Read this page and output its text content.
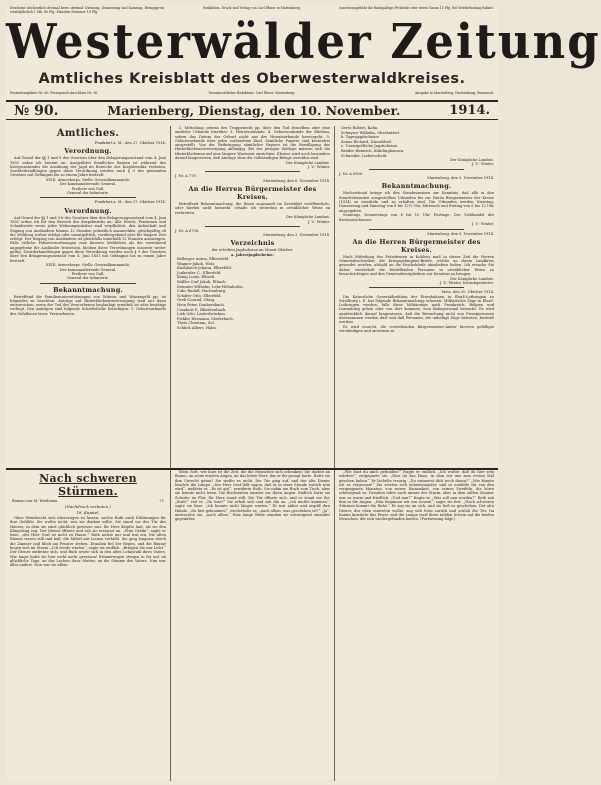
Erscheint wöchentlich dreimal bezw. dreimal: Dienstag, Donnerstag und Samstag. Bezugspreis vierteljährlich 1 Mk. 80 Pfg. Einzelne Nummer 10 Pfg.
Redaktion, Druck und Verlag von Carl Ebner in Marienberg.	Insertionsgebühr die fünfspaltige Petitzeile oder deren Raum 15 Pfg. Bei Wiederholung Rabatt.
Westerwälder Zeitung
Amtliches Kreisblatt des Oberwesterwaldkreises.
Postzeitungsliste Nr. 60. Fernsprech-Anschluss Nr. 16.	Verantwortlicher Redakteur: Carl Ebner, Marienberg.	Ausgabe in Marienberg, Hachenburg, Rennerod.
№ 90.	Marienberg, Dienstag, den 10. November.	1914.
Amtliches.
Frankfurt a. M., den 27. Oktober 1914.
Verordnung.

Auf Grund der §§ 1 und 9 des Gesetzes über den Belagerungszustand vom 4. Juni 1851 ordne ich hiermit an: Ausgeübtes feindliches Bauten ist während des Kriegszustandes die Ausübung der Jagd im Bereiche des Korpsbezirks verboten. Zuwiderhandlungen gegen diese Verordnung werden nach § 9 des genannten Gesetzes mit Gefängnis bis zu einem Jahre bestraft.

XVIII. Armeekorps. Stellv. Generalkommando.
Der kommandierende General.
Freiherr von Gall,
General der Infanterie.
Frankfurt a. M., den 27. Oktober 1914.
Verordnung.

Auf Grund der §§ 1 und 9 b des Gesetzes über den Belagerungszustand vom 4. Juni 1851 ordne ich für den Bereich des Korpsbezirks an: Alle Hotels, Pensionen und Schankwirte sowie jeder Wohnungsinhaber sind verpflichtet, den Aufenthalt und Zugang von Ausländern binnen 12 Stunden polizeilich anzumelden, gleichgültig ob die Meldung vorher erfolgt oder unentgeltlich, vorübergehend oder für längere Zeit erfolgt. Der Wegzug von Ausländern ist gleichfalls innerhalb 12 Stunden anzuzeigen. Falls örtliche Polizeiverordnungen eine kürzere Meldefrist als die vorstehend angegebene für Ausländer festsetzen, bleiben diese Verordnungen insoweit weiter gültig. Zuwiderhandlungen gegen diese Verordnung werden nach § 9 des Gesetzes über den Belagerungszustand vom 4. Juni 1851 mit Gefängnis bis zu einem Jahre bestraft.

XVIII. Armeekorps. Stellv. Generalkommando.
Der kommandierende General.
Freiherr von Gall,
General der Infanterie.
Bekanntmachung.

Betreffend die Familienunterstützungen von Witwen und Waisengeld pp. ist folgendes zu beachten: Anträge auf Hinterbliebenenversorgung sind nur dann einzureichen, wenn der Tod des Verstorbenen beglaubigt ermittelt ist oder bestätigt vorliegt. Den Anträgen sind folgende Schriftstücke beizufügen: 1. Geburtsurkunde des Gefallenen bezw. Verstorbenen.

2. Mitteilung seitens des Truppenteils pp. über den Tod desselben oder eine amtliche Urkunde hierüber. 3. Heiratsurkunde. 4. Geburtsurkunde der Ehefrau, sofern das Datum der Geburt nicht aus der Heiratsurkunde hervorgeht. 5. Geburtsurkunde über jedes vorhandene Kind. Sämtliche Papiere sind kostenfrei ausgestellt. Von der Beibringung sämtlicher Papiere ist die Bewilligung der Hinterbliebenenversorgung abhängig. Bei der jetzigen Zeitlage müssen sich die Hinterbliebenen auf eine längere Wartezeit einrichten. Ebenso wird noch besonders darauf hingewiesen, daß Anträge ohne die vollständigen Belege zwecklos sind.

Der Königliche Landrat.
J. V.: Winter.
J. Nr. A 779.
Marienberg, den 6. November 1914.
An die Herren Bürgermeister des Kreises.

Betreffend Bekanntmachung, die Ihnen zugesandt im Kreisblatt veröffentlicht, oder hierbei nicht bemerkt, erhalte ich weiterhin in ortsüblicher Weise zu verbreiten.

Der Königliche Landrat.
J. V.: Winter.
J. Nr. A 6708.
Marienberg, den 2. November 1914.
Verzeichnis
der erteilten Jagdscheine im Monat Oktober.
a. Jahresjagdscheine.
Bellerger Anton, Elbersfeld.
Wagner Jakob, Wolz.
Knoblauch Johann, Elberfeld.
Jonkerder C., Elberfeld.
König Louis, Elbach.
Müller Carl Jakob, Elbach.
Demmer Wilhelm, Lehr-Höhnhofen.
Cahr Rudolf, Hachenburg.
Schäfer Otto, Elberfeld.
Greb Conrad, Obisg.
Hein Peter, Daubersbach.
Cosakow P., Blieshenbach.
Lieb Otto, Lauterbrücken.
Fickler Hermann, Moderbach.
Theis Christian, Sel.
Schlick Albert, Hahn.
Gertz Robert, Kahn.
Schuyzer Wilhelm, Oberhattert.
b. Tagesjagdscheine.
Sonus Richard, Düsseldorf.
c. Unentgeltliche Jagdscheine.
Brüder Heinrich, Kühdinghausen.
Schneider, Lieberscheid.
Der Königliche Landrat.
J. V.: Winter.
J. Nr. A 6900.
Marienberg, den 3. November 1914.
Bekanntmachung.

Nachstehend bringe ich den Standesamtern zur Kenntnis, daß alle in den Standesbeamten ausgestellten Urkunden bis zur Herrn Bürgermeister der Kreise (1914) zu ermitteln und zu erhalten sind. Die Urkunden werden Dienstag, Donnerstag und Samstag von 8 bis 12½ Uhr, Mittwoch und Freitag von 8 bis 12 Uhr ausgegeben.

Sonntags, Donnerstags von 8 bis 10 Uhr, Festtage, Der Viehhandel des Kreisausschusses.

J. V.: Winter.
Marienberg, den 9. November 1914.
An die Herren Bürgermeister des Kreises.

Nach Mitteilung des Präsidenten in Koblenz muß in dieser Zeit die Herren Gemeindeschreiber, die Kriegsgefangene-Briefe, welche an ihrem Landkreis gesendet werden, alsbald an die Postbehörde abzuliefern haben. Ich ersuche Sie daher, wiederholt die betreffenden Personen in ortsüblicher Weise zu benachrichtigen und den Gemeindemitgliedern zur Kenntnis zu bringen.

Der Königliche Landrat.
J. V.: Winter, Kreisdeputierter.
Metz, den 20. Oktober 1914.

Die Kaiserliche Generaldirektion der Eisenbahnen in Elsaß-Lothringen zu Straßburg i. E. hat folgende Bekanntmachung erlassen: Militärische Züge in Elsaß-Lothringen werden, falls diese Militärzüge nach Frankreich, Belgien und Luxemburg gehen oder von dort kommen, vom Bahnpersonal bewacht. Es wird ausdrücklich darauf hingewiesen, daß die Bewachung nicht von Privatpersonen übernommen werden darf und daß Personen, die unbefugt Züge betreten, bestraft werden.

Es wird ersucht, die vorstehenden Bürgermeister-Ämter hiervon gefälligst verständigen und anweisen zu

Nach schweren Stürmen.
Roman von M. Weidenau.	71
(Nachdruck verboten.)
18. Kapitel.

Ohne Weinbrecht sich überzeugen zu lassen, suchte Ruth nach Erklärungen für ihre Gefühle. Sie wußte nicht, was sie denken sollte. Sie stand vor der Tür des Hauses, in dem sie einst glücklich gewesen war. Ihr Herz klopfte laut, als sie den Klingelzug zog. Der Diener öffnete und sah sie erstaunt an. „Frau Gräfin“, sagte er leise, „der Herr Graf ist nicht zu Hause.“ Ruth nickte nur und trat ein. Die alten Räume waren still und kalt, die Möbel mit Leinen verhüllt. Sie ging langsam durch die Zimmer und blieb am Fenster stehen. Draußen fiel der Regen, und die Bäume bogen sich im Sturm. „Ich werde warten“, sagte sie endlich. „Bringen Sie mir Licht.“ Der Diener entfernte sich, und Ruth setzte sich in den alten Lehnstuhl ihres Vaters. Wie lange hatte sie hier nicht mehr gesessen! Erinnerungen stiegen in ihr auf, an glückliche Tage, an das Lachen ihrer Mutter, an die Stimme des Vaters. Nun war alles anders. Nun war sie allein.

Mein Gott, wie kurz ist die Zeit, die die Menschen sich schenken! Sie dachte an Benno, an seine ernsten Augen, an das letzte Wort, das er ihr gesagt hatte. Hatte sie ihm Unrecht getan? Sie wußte es nicht. Die Tür ging auf, und der alte Diener brachte die Lampe. „Der Herr Graf läßt sagen, daß er in einer Stunde zurück sein wird“, meldete er. „Es ist gut“, erwiderte Ruth. Sie nahm ein Buch vom Tisch, aber sie konnte nicht lesen. Die Buchstaben tanzten vor ihren Augen. Endlich hörte sie Schritte im Flur. Ihr Herz stand still. Die Tür öffnete sich, und er stand vor ihr. „Ruth!“ rief er. „Du hier?“ Sie erhob sich und sah ihn an. „Ich mußte kommen“, sagte sie leise. „Ich konnte nicht länger warten.“ Er trat näher und ergriff ihre Hände. „Du bist gekommen“, wiederholte er, „nach allem, was geschehen ist?“ „Ja“, antwortete sie, „nach allem.“ Eine lange Weile standen sie schweigend einander gegenüber.

„Wie hast du mich gefunden?“ fragte er endlich. „Ich wußte, daß du hier sein würdest“, entgegnete sie. „Dies ist das Haus, in dem wir uns zum ersten Mal gesehen haben.“ Er lächelte traurig. „Du erinnerst dich noch daran?“ „Wie könnte ich es vergessen!“ Sie setzten sich nebeneinander, und er erzählte ihr von den vergangenen Monaten, von seiner Einsamkeit, von seinen Zweifeln. Sie hörte schweigend zu. Draußen tobte noch immer der Sturm, aber in dem stillen Zimmer war es warm und friedlich. „Und nun?“ fragte er. „Was soll nun werden?“ Ruth sah ihm in die Augen. „Nun beginnen wir von neuem“, sagte sie fest. „Nach schweren Stürmen kommt die Ruhe.“ Er zog sie an sich, und sie ließ es geschehen. Der alte Diener, der eben eintreten wollte, zog sich leise zurück und schloß die Tür. Im Kamin knisterte das Feuer, und die Lampe warf ihren milden Schein auf die beiden Menschen, die sich wiedergefunden hatten. (Fortsetzung folgt.)
